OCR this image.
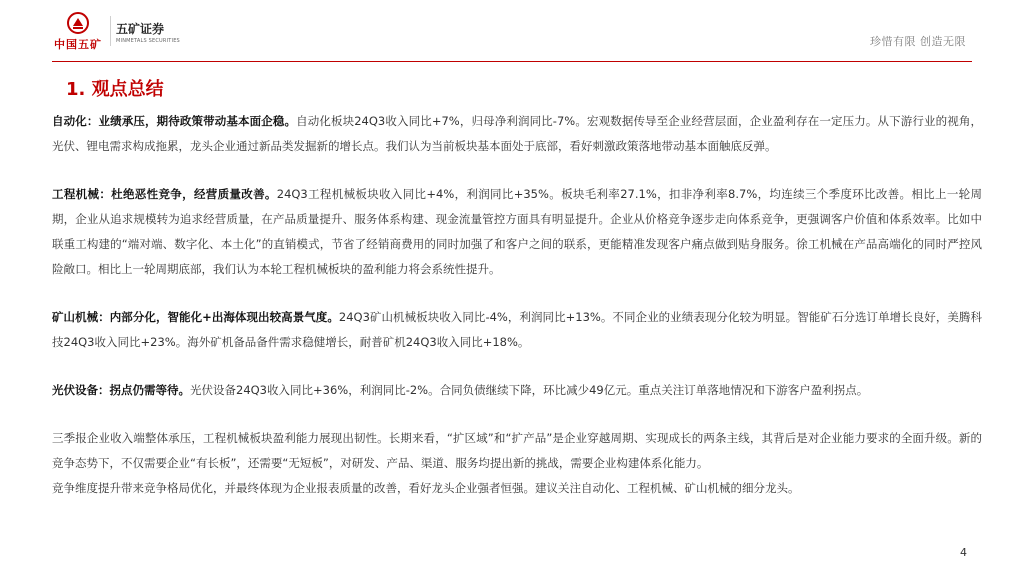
中国五矿
五矿证券
MINMETALS SECURITIES	珍惜有限 创造无限
1. 观点总结

自动化：业绩承压，期待政策带动基本面企稳。自动化板块24Q3收入同比+7%，归母净利润同比-7%。宏观数据传导至企业经营层面，企业盈利存在一定压力。从下游行业的视角，光伏、锂电需求构成拖累，龙头企业通过新品类发掘新的增长点。我们认为当前板块基本面处于底部，看好刺激政策落地带动基本面触底反弹。

工程机械：杜绝恶性竞争，经营质量改善。24Q3工程机械板块收入同比+4%，利润同比+35%。板块毛利率27.1%，扣非净利率8.7%，均连续三个季度环比改善。相比上一轮周期，企业从追求规模转为追求经营质量，在产品质量提升、服务体系构建、现金流量管控方面具有明显提升。企业从价格竞争逐步走向体系竞争，更强调客户价值和体系效率。比如中联重工构建的“端对端、数字化、本土化”的直销模式，节省了经销商费用的同时加强了和客户之间的联系，更能精准发现客户痛点做到贴身服务。徐工机械在产品高端化的同时严控风险敞口。相比上一轮周期底部，我们认为本轮工程机械板块的盈利能力将会系统性提升。

矿山机械：内部分化，智能化+出海体现出较高景气度。24Q3矿山机械板块收入同比-4%，利润同比+13%。不同企业的业绩表现分化较为明显。智能矿石分选订单增长良好，美腾科技24Q3收入同比+23%。海外矿机备品备件需求稳健增长，耐普矿机24Q3收入同比+18%。

光伏设备：拐点仍需等待。光伏设备24Q3收入同比+36%，利润同比-2%。合同负债继续下降，环比减少49亿元。重点关注订单落地情况和下游客户盈利拐点。

三季报企业收入端整体承压，工程机械板块盈利能力展现出韧性。长期来看，“扩区域”和“扩产品”是企业穿越周期、实现成长的两条主线，其背后是对企业能力要求的全面升级。新的竞争态势下，不仅需要企业“有长板”，还需要“无短板”，对研发、产品、渠道、服务均提出新的挑战，需要企业构建体系化能力。

竞争维度提升带来竞争格局优化，并最终体现为企业报表质量的改善，看好龙头企业强者恒强。建议关注自动化、工程机械、矿山机械的细分龙头。

4
